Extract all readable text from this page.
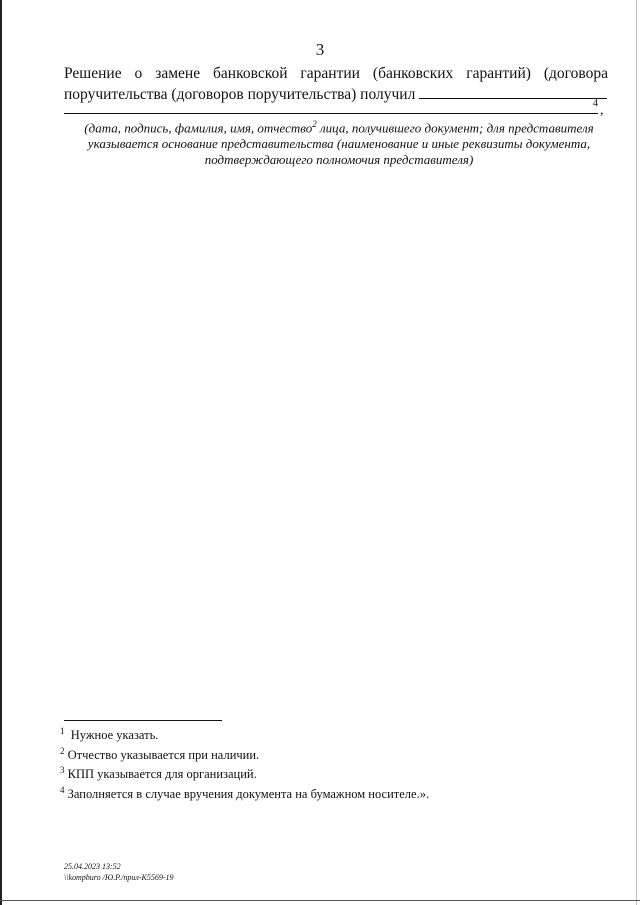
3
Решение о замене банковской гарантии (банковских гарантий) (договора
поручительства (договоров поручительства) получил
4 ,
(дата, подпись, фамилия, имя, отчество$^2$ лица, получившего документ; для представителя указывается основание представительства (наименование и иные реквизиты документа, подтверждающего полномочия представителя)
$^1$ Нужное указать.
$^2$ Отчество указывается при наличии.
$^3$ КПП указывается для организаций.
$^4$ Заполняется в случае вручения документа на бумажном носителе.».
25.04.2023 13:52
\\kompburo /Ю.Р./прил-К5569-19
